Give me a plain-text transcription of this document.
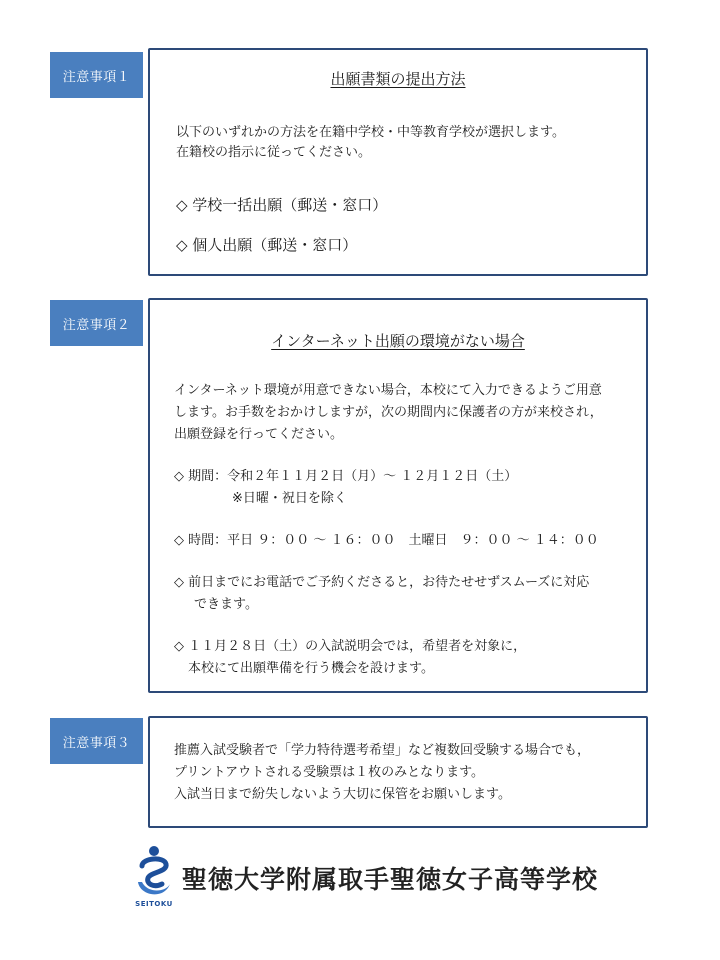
注意事項１	出願書類の提出方法
以下のいずれかの方法を在籍中学校・中等教育学校が選択します。
在籍校の指示に従ってください。
◇ 学校一括出願（郵送・窓口）
◇ 個人出願（郵送・窓口）
注意事項２
インターネット出願の環境がない場合
インターネット環境が用意できない場合，本校にて入力できるようご用意
します。お手数をおかけしますが，次の期間内に保護者の方が来校され，
出願登録を行ってください。
◇ 期間：令和２年１１月２日（月）～ １２月１２日（土）
※日曜・祝日を除く
◇ 時間：平日 ９：００ ～ １６：００　土曜日　９：００ ～ １４：００
◇ 前日までにお電話でご予約くださると，お待たせせずスムーズに対応
できます。
◇ １１月２８日（土）の入試説明会では，希望者を対象に，
本校にて出願準備を行う機会を設けます。
注意事項３	推薦入試受験者で「学力特待選考希望」など複数回受験する場合でも，
プリントアウトされる受験票は１枚のみとなります。
入試当日まで紛失しないよう大切に保管をお願いします。
SEITOKU
聖徳大学附属取手聖徳女子高等学校
